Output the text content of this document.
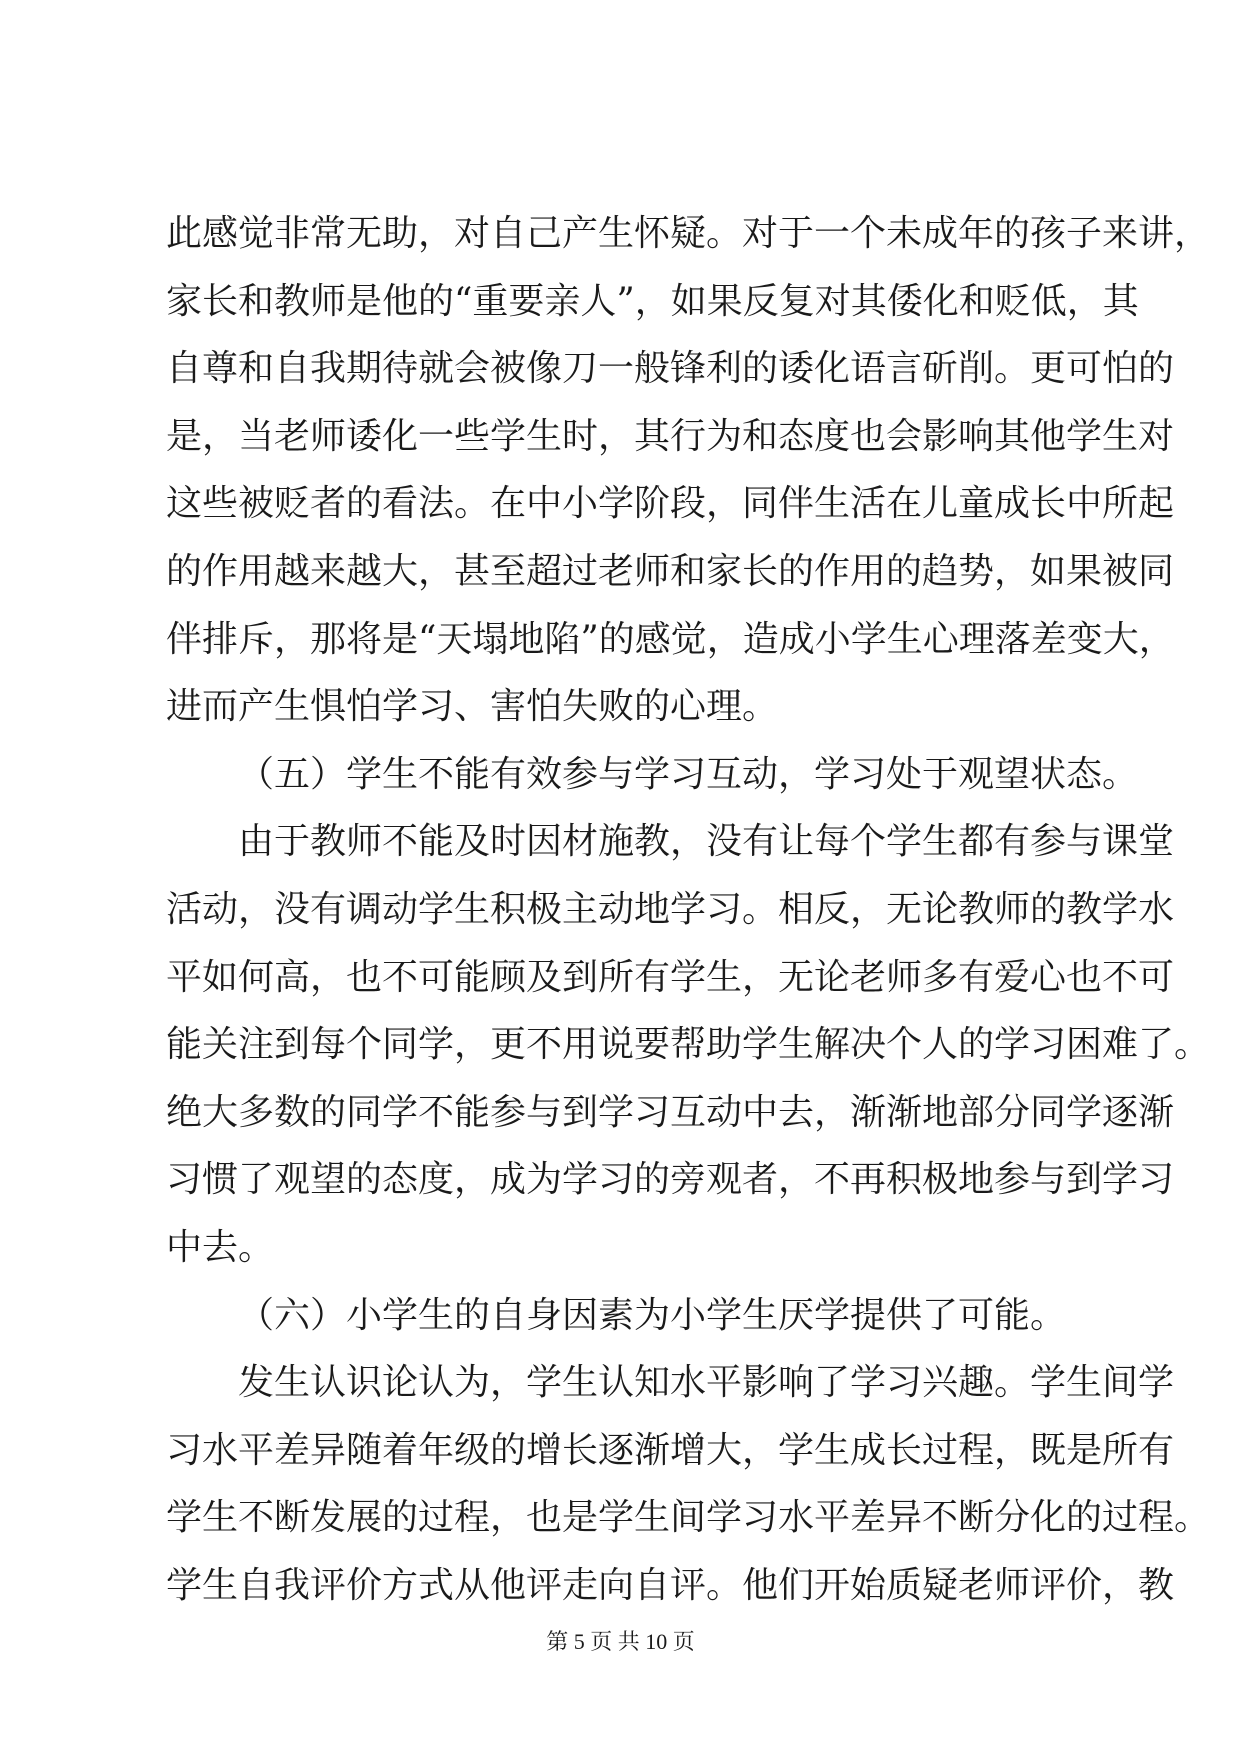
此感觉非常无助，对自己产生怀疑。对于一个未成年的孩子来讲，
家长和教师是他的“重要亲人”，如果反复对其倭化和贬低，其
自尊和自我期待就会被像刀一般锋利的诿化语言斫削。更可怕的
是，当老师诿化一些学生时，其行为和态度也会影响其他学生对
这些被贬者的看法。在中小学阶段，同伴生活在儿童成长中所起
的作用越来越大，甚至超过老师和家长的作用的趋势，如果被同
伴排斥，那将是“天塌地陷”的感觉，造成小学生心理落差变大，
进而产生惧怕学习、害怕失败的心理。
（五）学生不能有效参与学习互动，学习处于观望状态。
由于教师不能及时因材施教，没有让每个学生都有参与课堂
活动，没有调动学生积极主动地学习。相反，无论教师的教学水
平如何高，也不可能顾及到所有学生，无论老师多有爱心也不可
能关注到每个同学，更不用说要帮助学生解决个人的学习困难了。
绝大多数的同学不能参与到学习互动中去，渐渐地部分同学逐渐
习惯了观望的态度，成为学习的旁观者，不再积极地参与到学习
中去。
（六）小学生的自身因素为小学生厌学提供了可能。
发生认识论认为，学生认知水平影响了学习兴趣。学生间学
习水平差异随着年级的增长逐渐增大，学生成长过程，既是所有
学生不断发展的过程，也是学生间学习水平差异不断分化的过程。
学生自我评价方式从他评走向自评。他们开始质疑老师评价，教
第 5 页 共 10 页
